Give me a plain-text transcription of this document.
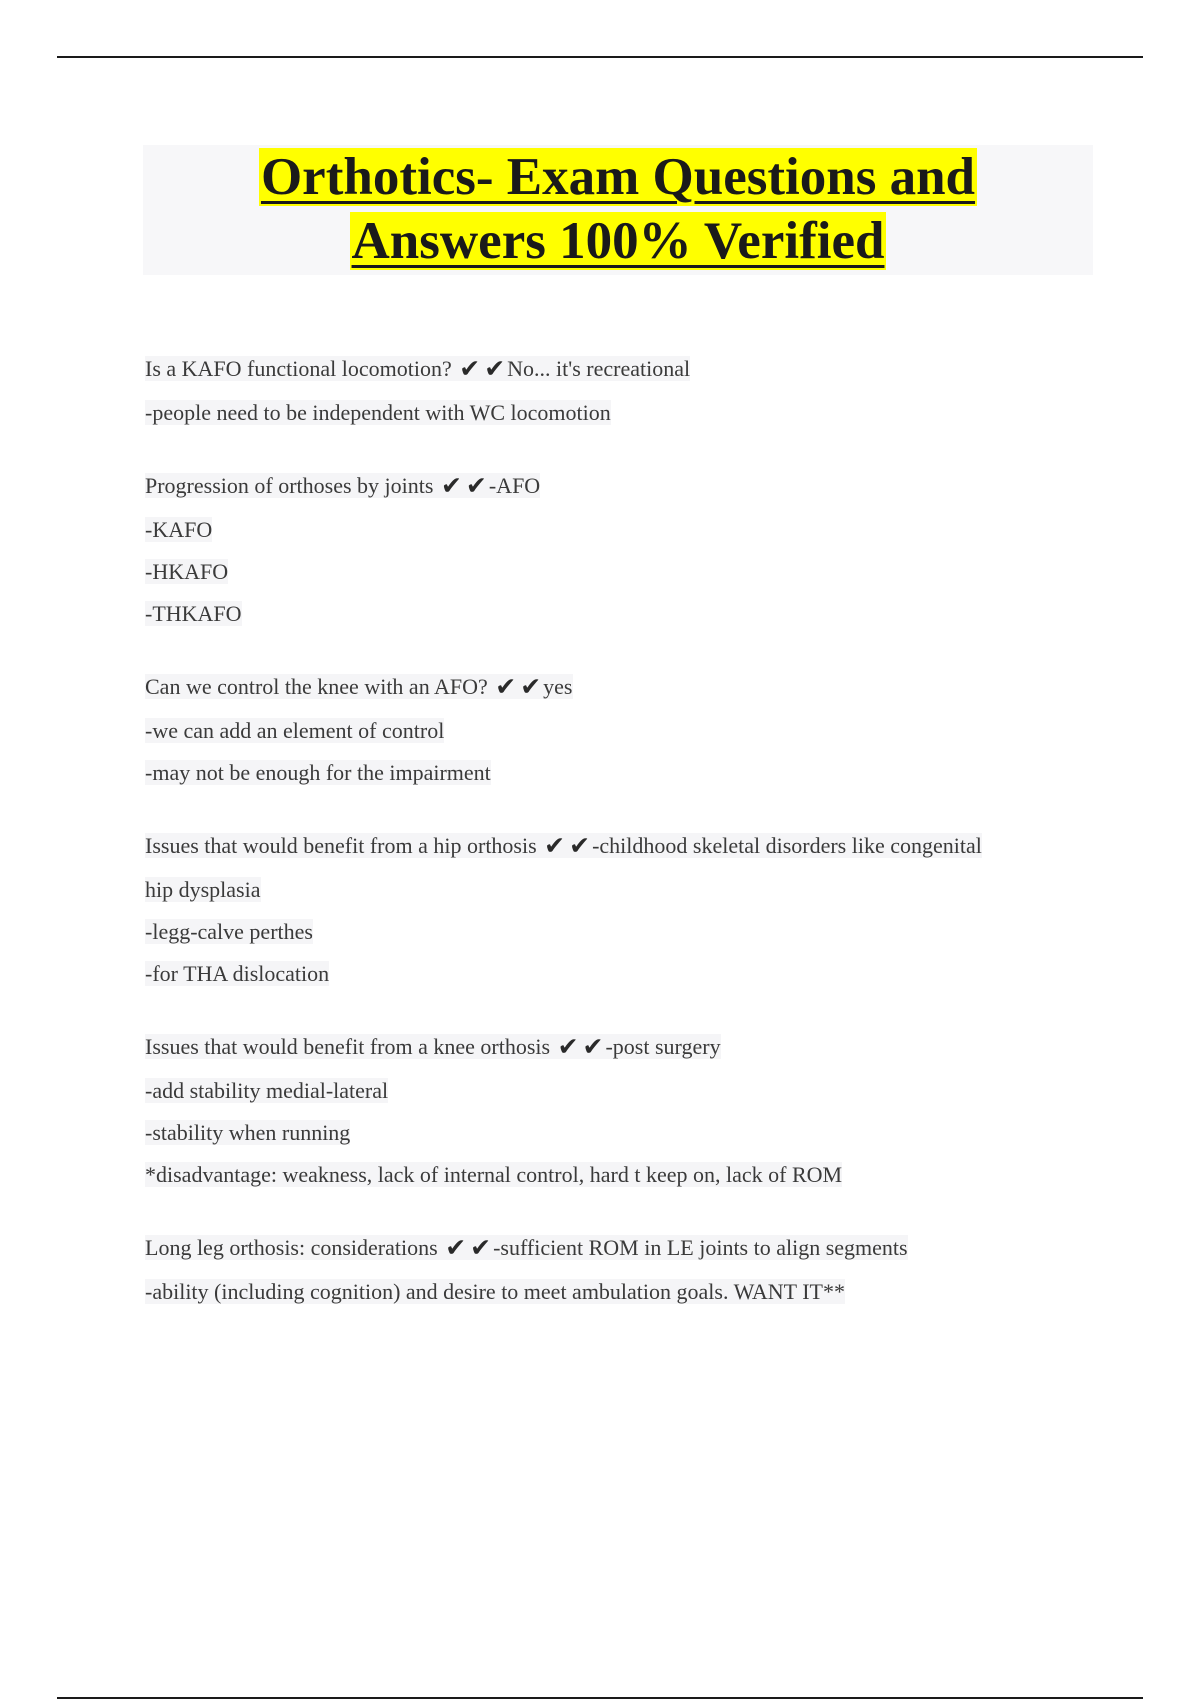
Orthotics- Exam Questions and
Answers 100% Verified
Is a KAFO functional locomotion? ✔ ✔No... it's recreational
-people need to be independent with WC locomotion
Progression of orthoses by joints ✔ ✔-AFO
-KAFO
-HKAFO
-THKAFO
Can we control the knee with an AFO? ✔ ✔yes
-we can add an element of control
-may not be enough for the impairment
Issues that would benefit from a hip orthosis ✔ ✔-childhood skeletal disorders like congenital
hip dysplasia
-legg-calve perthes
-for THA dislocation
Issues that would benefit from a knee orthosis ✔ ✔-post surgery
-add stability medial-lateral
-stability when running
*disadvantage: weakness, lack of internal control, hard t keep on, lack of ROM
Long leg orthosis: considerations ✔ ✔-sufficient ROM in LE joints to align segments
-ability (including cognition) and desire to meet ambulation goals. WANT IT**
